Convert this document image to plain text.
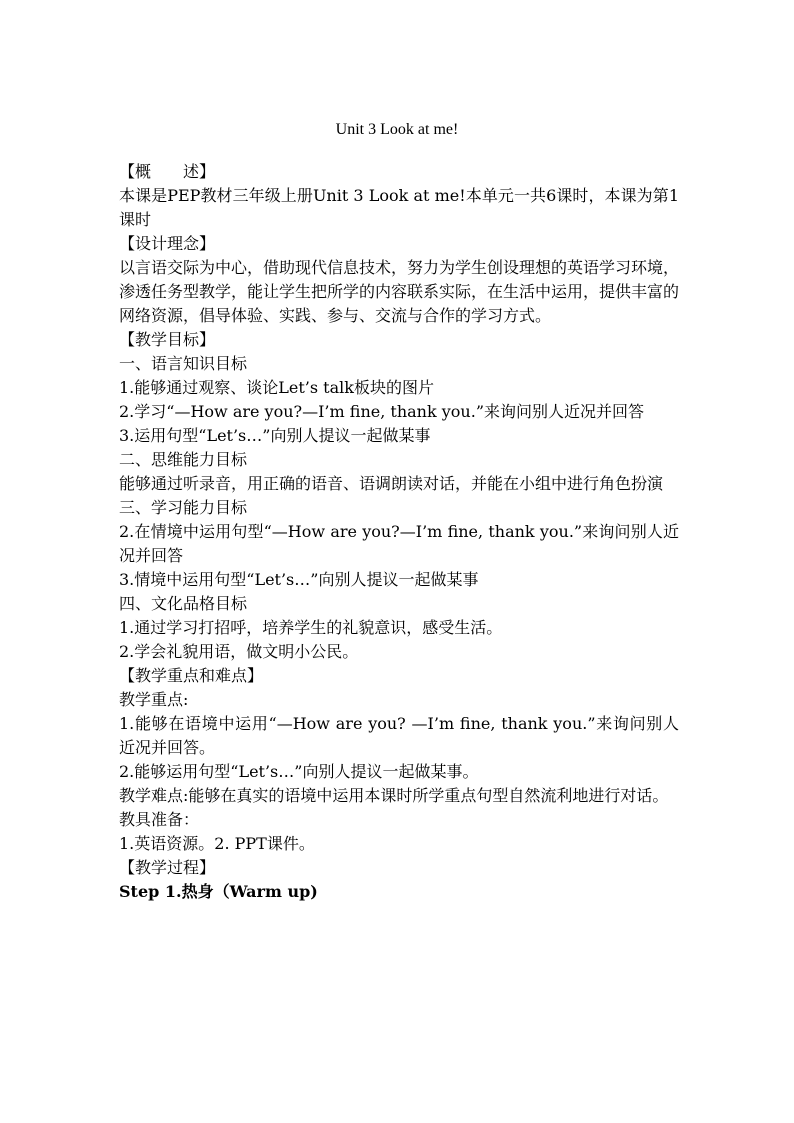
Unit 3 Look at me!
【概　　述】
本课是PEP教材三年级上册Unit 3 Look at me!本单元一共6课时，本课为第1课时
【设计理念】
以言语交际为中心，借助现代信息技术，努力为学生创设理想的英语学习环境，渗透任务型教学，能让学生把所学的内容联系实际，在生活中运用，提供丰富的网络资源，倡导体验、实践、参与、交流与合作的学习方式。
【教学目标】
一、语言知识目标
1.能够通过观察、谈论Let’s talk板块的图片
2.学习“—How are you?—I’m fine, thank you.”来询问别人近况并回答
3.运用句型“Let’s…”向别人提议一起做某事
二、思维能力目标
能够通过听录音，用正确的语音、语调朗读对话，并能在小组中进行角色扮演
三、学习能力目标
2.在情境中运用句型“—How are you?—I’m fine, thank you.”来询问别人近况并回答
3.情境中运用句型“Let’s…”向别人提议一起做某事
四、文化品格目标
1.通过学习打招呼，培养学生的礼貌意识，感受生活。
2.学会礼貌用语，做文明小公民。
【教学重点和难点】
教学重点:
1.能够在语境中运用“—How are you? —I’m fine, thank you.”来询问别人近况并回答。
2.能够运用句型“Let’s…”向别人提议一起做某事。
教学难点:能够在真实的语境中运用本课时所学重点句型自然流利地进行对话。
教具准备：
1.英语资源。2. PPT课件。
【教学过程】
Step 1.热身（Warm up)
